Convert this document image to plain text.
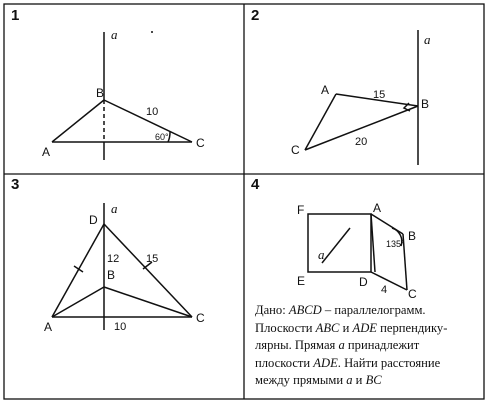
1
a
B
A
C
10
60°
2
a
A
B
C
15
20
3
a
D
B
A
C
12 15
10
4
F	A
B
E	D
C
a
135°
4
Дано: ABCD – параллелограмм.
Плоскости ABC и ADE перпендику-
лярны. Прямая a принадлежит
плоскости ADE. Найти расстояние
между прямыми a и BC
